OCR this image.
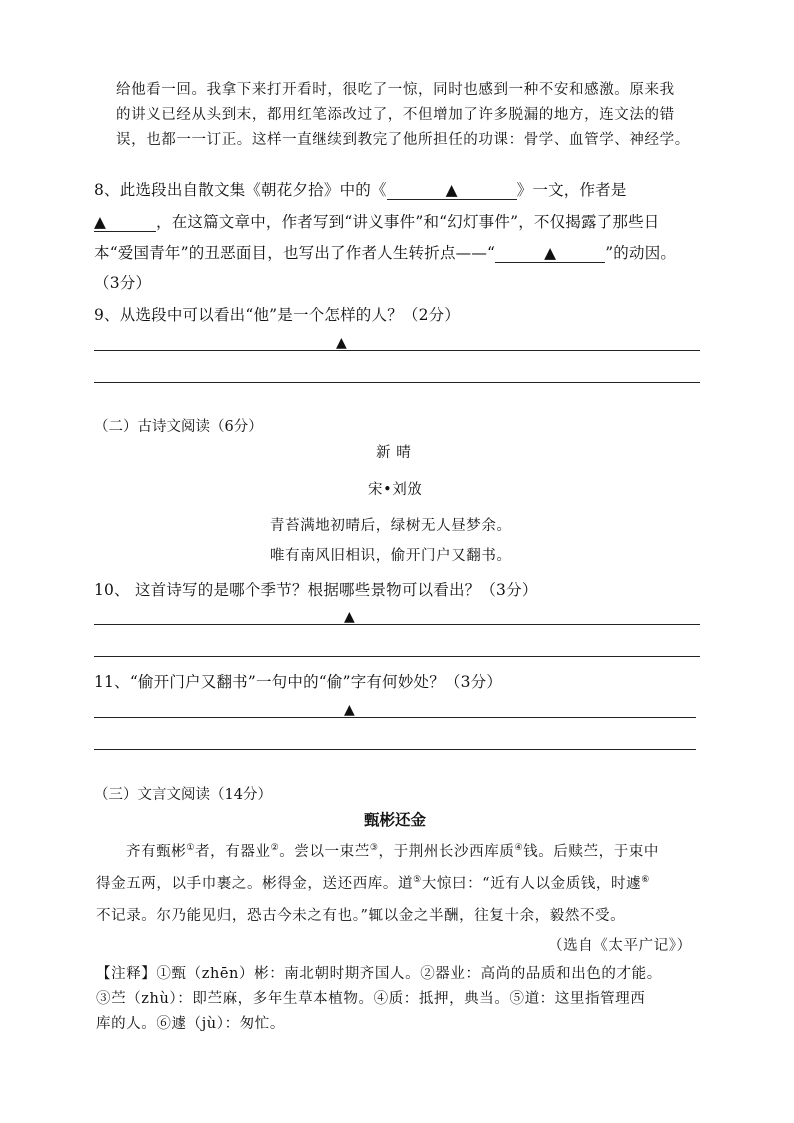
给他看一回。我拿下来打开看时，很吃了一惊，同时也感到一种不安和感激。原来我
的讲义已经从头到末，都用红笔添改过了，不但增加了许多脱漏的地方，连文法的错
误，也都一一订正。这样一直继续到教完了他所担任的功课：骨学、血管学、神经学。
8、此选段出自散文集《朝花夕拾》中的《	▲	》一文，作者是
▲	，在这篇文章中，作者写到“讲义事件”和“幻灯事件”，不仅揭露了那些日
本“爱国青年”的丑恶面目，也写出了作者人生转折点——“	▲	”的动因。
（3分）
9、从选段中可以看出“他”是一个怎样的人？（2分）
▲
（二）古诗文阅读（6分）
新 晴
宋•刘攽
青苔满地初晴后，绿树无人昼梦余。
唯有南风旧相识，偷开门户又翻书。
10、 这首诗写的是哪个季节？根据哪些景物可以看出？（3分）
▲
11、“偷开门户又翻书”一句中的“偷”字有何妙处？（3分）
▲
（三）文言文阅读（14分）
甄彬还金
齐有甄彬①者，有器业②。尝以一束苎③，于荆州长沙西库质④钱。后赎苎，于束中
得金五两，以手巾裹之。彬得金，送还西库。道⑤大惊曰：“近有人以金质钱，时遽⑥
不记录。尔乃能见归，恐古今未之有也。”辄以金之半酬，往复十余，毅然不受。
（选自《太平广记》）
【注释】①甄（zhēn）彬：南北朝时期齐国人。②器业：高尚的品质和出色的才能。
③苎（zhù）：即苎麻，多年生草本植物。④质：抵押，典当。⑤道：这里指管理西
库的人。⑥遽（jù）：匆忙。
